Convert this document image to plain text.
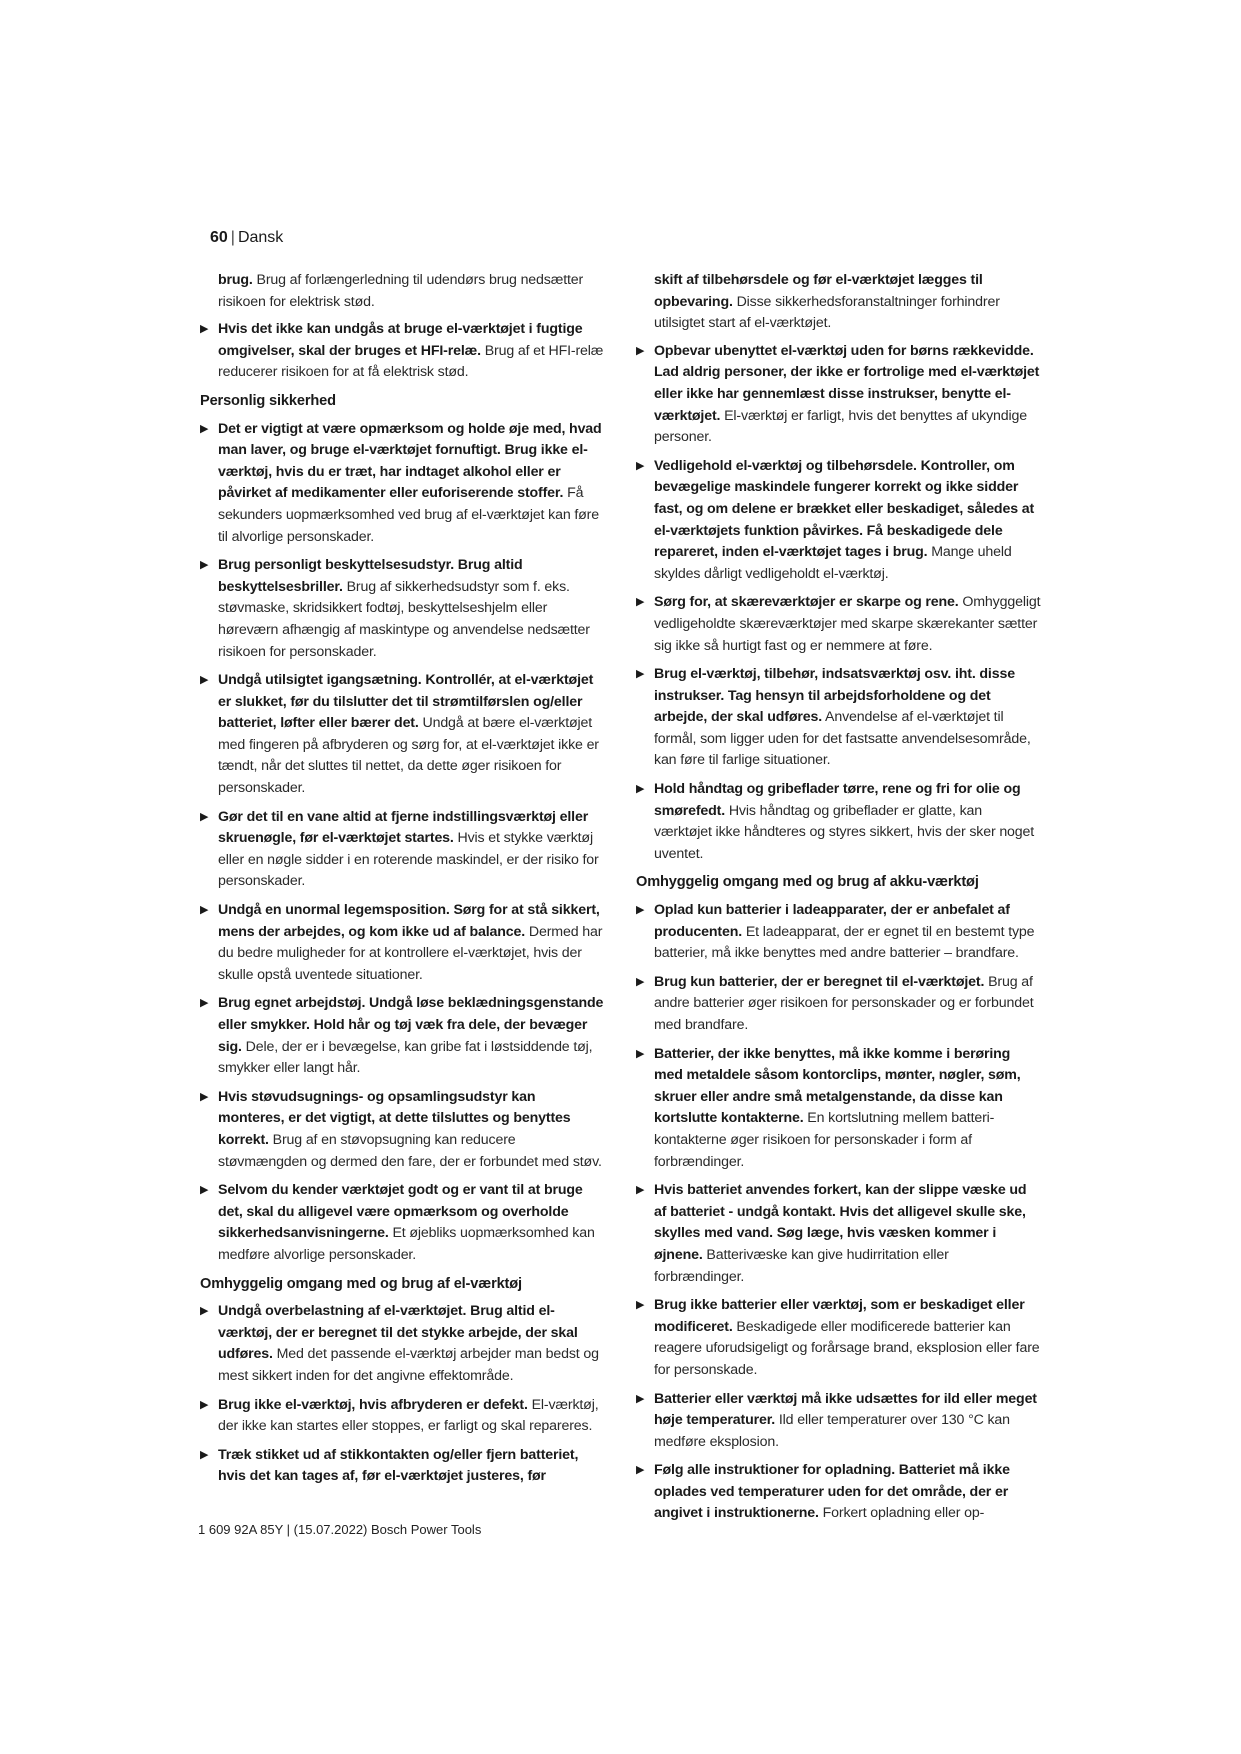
60 | Dansk
brug. Brug af forlængerledning til udendørs brug nedsætter risikoen for elektrisk stød.
▶ Hvis det ikke kan undgås at bruge el-værktøjet i fugtige omgivelser, skal der bruges et HFI-relæ. Brug af et HFI-relæ reducerer risikoen for at få elektrisk stød.
Personlig sikkerhed
▶ Det er vigtigt at være opmærksom og holde øje med, hvad man laver, og bruge el-værktøjet fornuftigt. Brug ikke el-værktøj, hvis du er træt, har indtaget alkohol eller er påvirket af medikamenter eller euforiserende stoffer. Få sekunders uopmærksomhed ved brug af el-værktøjet kan føre til alvorlige personskader.
▶ Brug personligt beskyttelsesudstyr. Brug altid beskyttelsesbriller. Brug af sikkerhedsudstyr som f. eks. støvmaske, skridsikkert fodtøj, beskyttelseshjelm eller høreværn afhængig af maskintype og anvendelse nedsætter risikoen for personskader.
▶ Undgå utilsigtet igangsætning. Kontrollér, at el-værktøjet er slukket, før du tilslutter det til strømtilførslen og/eller batteriet, løfter eller bærer det. Undgå at bære el-værktøjet med fingeren på afbryderen og sørg for, at el-værktøjet ikke er tændt, når det sluttes til nettet, da dette øger risikoen for personskader.
▶ Gør det til en vane altid at fjerne indstillingsværktøj eller skruenøgle, før el-værktøjet startes. Hvis et stykke værktøj eller en nøgle sidder i en roterende maskindel, er der risiko for personskader.
▶ Undgå en unormal legemsposition. Sørg for at stå sikkert, mens der arbejdes, og kom ikke ud af balance. Dermed har du bedre muligheder for at kontrollere el-værktøjet, hvis der skulle opstå uventede situationer.
▶ Brug egnet arbejdstøj. Undgå løse beklædningsgenstande eller smykker. Hold hår og tøj væk fra dele, der bevæger sig. Dele, der er i bevægelse, kan gribe fat i løstsiddende tøj, smykker eller langt hår.
▶ Hvis støvudsugnings- og opsamlingsudstyr kan monteres, er det vigtigt, at dette tilsluttes og benyttes korrekt. Brug af en støvopsugning kan reducere støvmængden og dermed den fare, der er forbundet med støv.
▶ Selvom du kender værktøjet godt og er vant til at bruge det, skal du alligevel være opmærksom og overholde sikkerhedsanvisningerne. Et øjebliks uopmærksomhed kan medføre alvorlige personskader.
Omhyggelig omgang med og brug af el-værktøj
▶ Undgå overbelastning af el-værktøjet. Brug altid el-værktøj, der er beregnet til det stykke arbejde, der skal udføres. Med det passende el-værktøj arbejder man bedst og mest sikkert inden for det angivne effektområde.
▶ Brug ikke el-værktøj, hvis afbryderen er defekt. El-værktøj, der ikke kan startes eller stoppes, er farligt og skal repareres.
▶ Træk stikket ud af stikkontakten og/eller fjern batteriet, hvis det kan tages af, før el-værktøjet justeres, før
skift af tilbehørsdele og før el-værktøjet lægges til opbevaring. Disse sikkerhedsforanstaltninger forhindrer utilsigtet start af el-værktøjet.
▶ Opbevar ubenyttet el-værktøj uden for børns rækkevidde. Lad aldrig personer, der ikke er fortrolige med el-værktøjet eller ikke har gennemlæst disse instrukser, benytte el-værktøjet. El-værktøj er farligt, hvis det benyttes af ukyndige personer.
▶ Vedligehold el-værktøj og tilbehørsdele. Kontroller, om bevægelige maskindele fungerer korrekt og ikke sidder fast, og om delene er brækket eller beskadiget, således at el-værktøjets funktion påvirkes. Få beskadigede dele repareret, inden el-værktøjet tages i brug. Mange uheld skyldes dårligt vedligeholdt el-værktøj.
▶ Sørg for, at skæreværktøjer er skarpe og rene. Omhyggeligt vedligeholdte skæreværktøjer med skarpe skærekanter sætter sig ikke så hurtigt fast og er nemmere at føre.
▶ Brug el-værktøj, tilbehør, indsatsværktøj osv. iht. disse instrukser. Tag hensyn til arbejdsforholdene og det arbejde, der skal udføres. Anvendelse af el-værktøjet til formål, som ligger uden for det fastsatte anvendelsesområde, kan føre til farlige situationer.
▶ Hold håndtag og gribeflader tørre, rene og fri for olie og smørefedt. Hvis håndtag og gribeflader er glatte, kan værktøjet ikke håndteres og styres sikkert, hvis der sker noget uventet.
Omhyggelig omgang med og brug af akku-værktøj
▶ Oplad kun batterier i ladeapparater, der er anbefalet af producenten. Et ladeapparat, der er egnet til en bestemt type batterier, må ikke benyttes med andre batterier – brandfare.
▶ Brug kun batterier, der er beregnet til el-værktøjet. Brug af andre batterier øger risikoen for personskader og er forbundet med brandfare.
▶ Batterier, der ikke benyttes, må ikke komme i berøring med metaldele såsom kontorclips, mønter, nøgler, søm, skruer eller andre små metalgenstande, da disse kan kortslutte kontakterne. En kortslutning mellem batteri-kontakterne øger risikoen for personskader i form af forbrændinger.
▶ Hvis batteriet anvendes forkert, kan der slippe væske ud af batteriet - undgå kontakt. Hvis det alligevel skulle ske, skylles med vand. Søg læge, hvis væsken kommer i øjnene. Batterivæske kan give hudirritation eller forbrændinger.
▶ Brug ikke batterier eller værktøj, som er beskadiget eller modificeret. Beskadigede eller modificerede batterier kan reagere uforudsigeligt og forårsage brand, eksplosion eller fare for personskade.
▶ Batterier eller værktøj må ikke udsættes for ild eller meget høje temperaturer. Ild eller temperaturer over 130 °C kan medføre eksplosion.
▶ Følg alle instruktioner for opladning. Batteriet må ikke oplades ved temperaturer uden for det område, der er angivet i instruktionerne. Forkert opladning eller op-
1 609 92A 85Y | (15.07.2022) Bosch Power Tools
